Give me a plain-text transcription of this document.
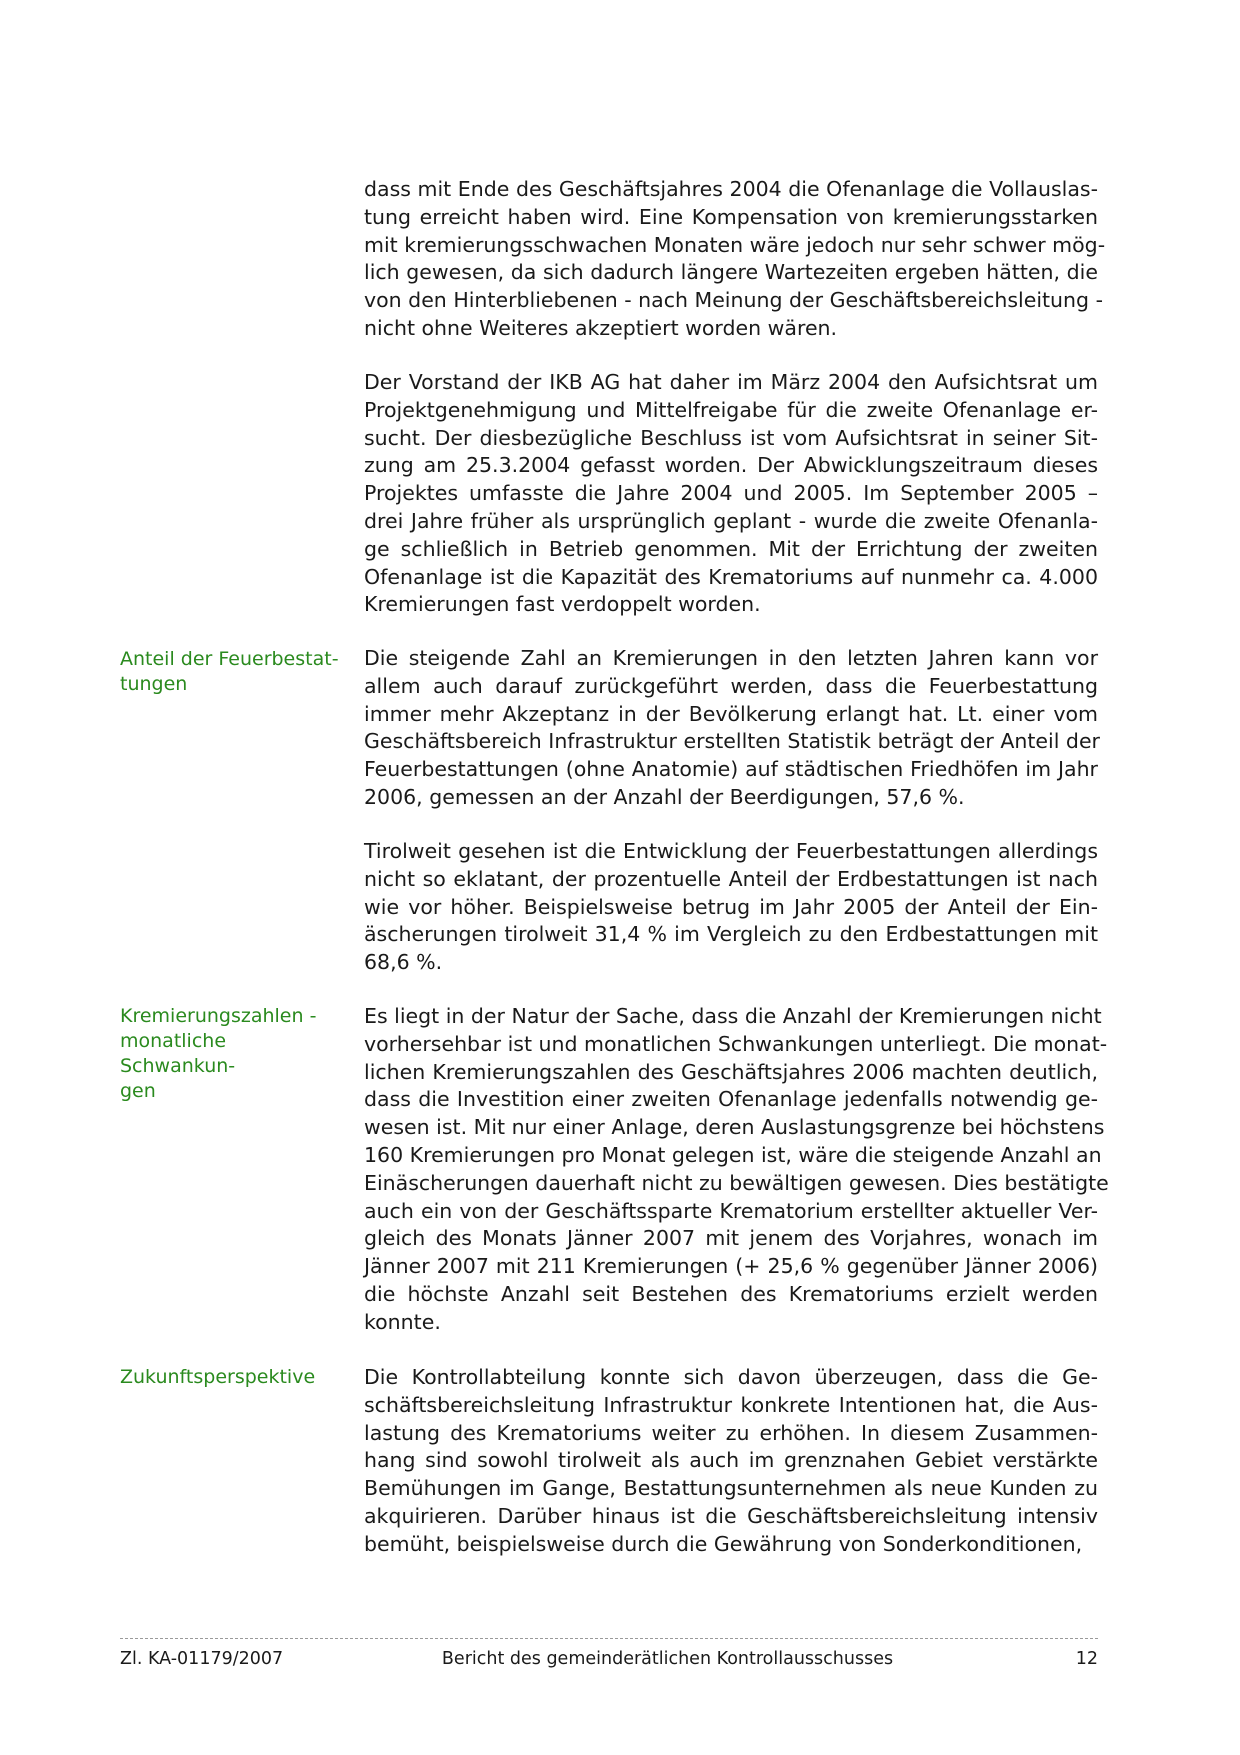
dass mit Ende des Geschäftsjahres 2004 die Ofenanlage die Vollauslas-
tung erreicht haben wird. Eine Kompensation von kremierungsstarken
mit kremierungsschwachen Monaten wäre jedoch nur sehr schwer mög-
lich gewesen, da sich dadurch längere Wartezeiten ergeben hätten, die
von den Hinterbliebenen - nach Meinung der Geschäftsbereichsleitung -
nicht ohne Weiteres akzeptiert worden wären.
Der Vorstand der IKB AG hat daher im März 2004 den Aufsichtsrat um
Projektgenehmigung und Mittelfreigabe für die zweite Ofenanlage er-
sucht. Der diesbezügliche Beschluss ist vom Aufsichtsrat in seiner Sit-
zung am 25.3.2004 gefasst worden. Der Abwicklungszeitraum dieses
Projektes umfasste die Jahre 2004 und 2005. Im September 2005 –
drei Jahre früher als ursprünglich geplant - wurde die zweite Ofenanla-
ge schließlich in Betrieb genommen. Mit der Errichtung der zweiten
Ofenanlage ist die Kapazität des Krematoriums auf nunmehr ca. 4.000
Kremierungen fast verdoppelt worden.
Anteil der Feuerbestat-
tungen
Die steigende Zahl an Kremierungen in den letzten Jahren kann vor
allem auch darauf zurückgeführt werden, dass die Feuerbestattung
immer mehr Akzeptanz in der Bevölkerung erlangt hat. Lt. einer vom
Geschäftsbereich Infrastruktur erstellten Statistik beträgt der Anteil der
Feuerbestattungen (ohne Anatomie) auf städtischen Friedhöfen im Jahr
2006, gemessen an der Anzahl der Beerdigungen, 57,6 %.
Tirolweit gesehen ist die Entwicklung der Feuerbestattungen allerdings
nicht so eklatant, der prozentuelle Anteil der Erdbestattungen ist nach
wie vor höher. Beispielsweise betrug im Jahr 2005 der Anteil der Ein-
äscherungen tirolweit 31,4 % im Vergleich zu den Erdbestattungen mit
68,6 %.
Kremierungszahlen -
monatliche Schwankun-
gen
Es liegt in der Natur der Sache, dass die Anzahl der Kremierungen nicht
vorhersehbar ist und monatlichen Schwankungen unterliegt. Die monat-
lichen Kremierungszahlen des Geschäftsjahres 2006 machten deutlich,
dass die Investition einer zweiten Ofenanlage jedenfalls notwendig ge-
wesen ist. Mit nur einer Anlage, deren Auslastungsgrenze bei höchstens
160 Kremierungen pro Monat gelegen ist, wäre die steigende Anzahl an
Einäscherungen dauerhaft nicht zu bewältigen gewesen. Dies bestätigte
auch ein von der Geschäftssparte Krematorium erstellter aktueller Ver-
gleich des Monats Jänner 2007 mit jenem des Vorjahres, wonach im
Jänner 2007 mit 211 Kremierungen (+ 25,6 % gegenüber Jänner 2006)
die höchste Anzahl seit Bestehen des Krematoriums erzielt werden
konnte.
Zukunftsperspektive	Die Kontrollabteilung konnte sich davon überzeugen, dass die Ge-
schäftsbereichsleitung Infrastruktur konkrete Intentionen hat, die Aus-
lastung des Krematoriums weiter zu erhöhen. In diesem Zusammen-
hang sind sowohl tirolweit als auch im grenznahen Gebiet verstärkte
Bemühungen im Gange, Bestattungsunternehmen als neue Kunden zu
akquirieren. Darüber hinaus ist die Geschäftsbereichsleitung intensiv
bemüht, beispielsweise durch die Gewährung von Sonderkonditionen,
Zl. KA-01179/2007	Bericht des gemeinderätlichen Kontrollausschusses	12
